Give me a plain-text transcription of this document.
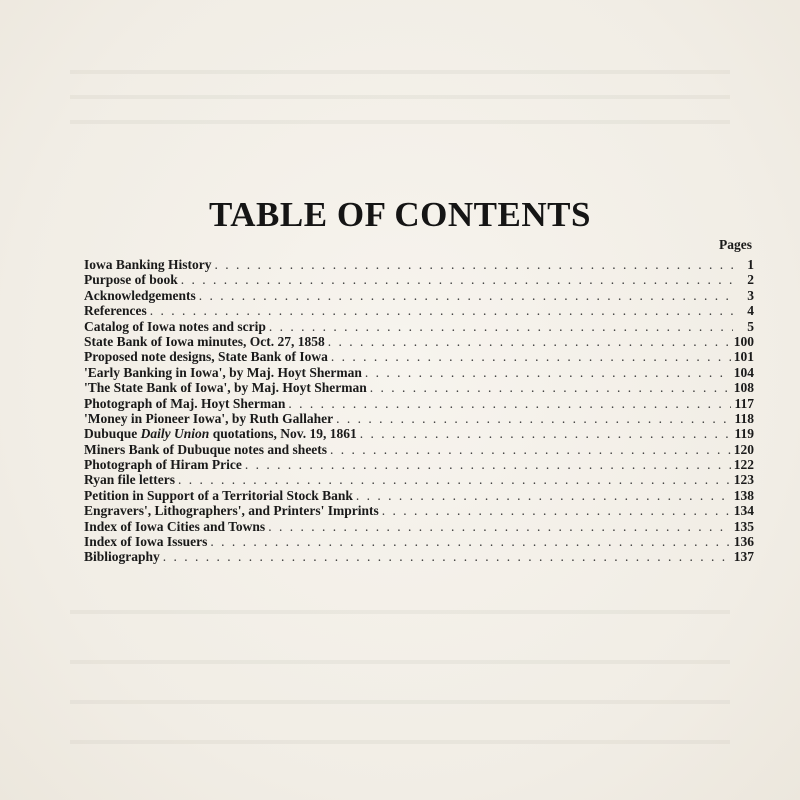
TABLE OF CONTENTS
Pages
Iowa Banking History . . .	1
Purpose of book . . .	2
Acknowledgements . . .	3
References . . .	4
Catalog of Iowa notes and scrip . . .	5
State Bank of Iowa minutes, Oct. 27, 1858 . . .	100
Proposed note designs, State Bank of Iowa . . .	101
'Early Banking in Iowa', by Maj. Hoyt Sherman . . .	104
'The State Bank of Iowa', by Maj. Hoyt Sherman . . .	108
Photograph of Maj. Hoyt Sherman . . .	117
'Money in Pioneer Iowa', by Ruth Gallaher . . .	118
Dubuque Daily Union quotations, Nov. 19, 1861 . . .	119
Miners Bank of Dubuque notes and sheets . . .	120
Photograph of Hiram Price . . .	122
Ryan file letters . . .	123
Petition in Support of a Territorial Stock Bank . . .	138
Engravers', Lithographers', and Printers' Imprints . . .	134
Index of Iowa Cities and Towns . . .	135
Index of Iowa Issuers . . .	136
Bibliography . . .	137
